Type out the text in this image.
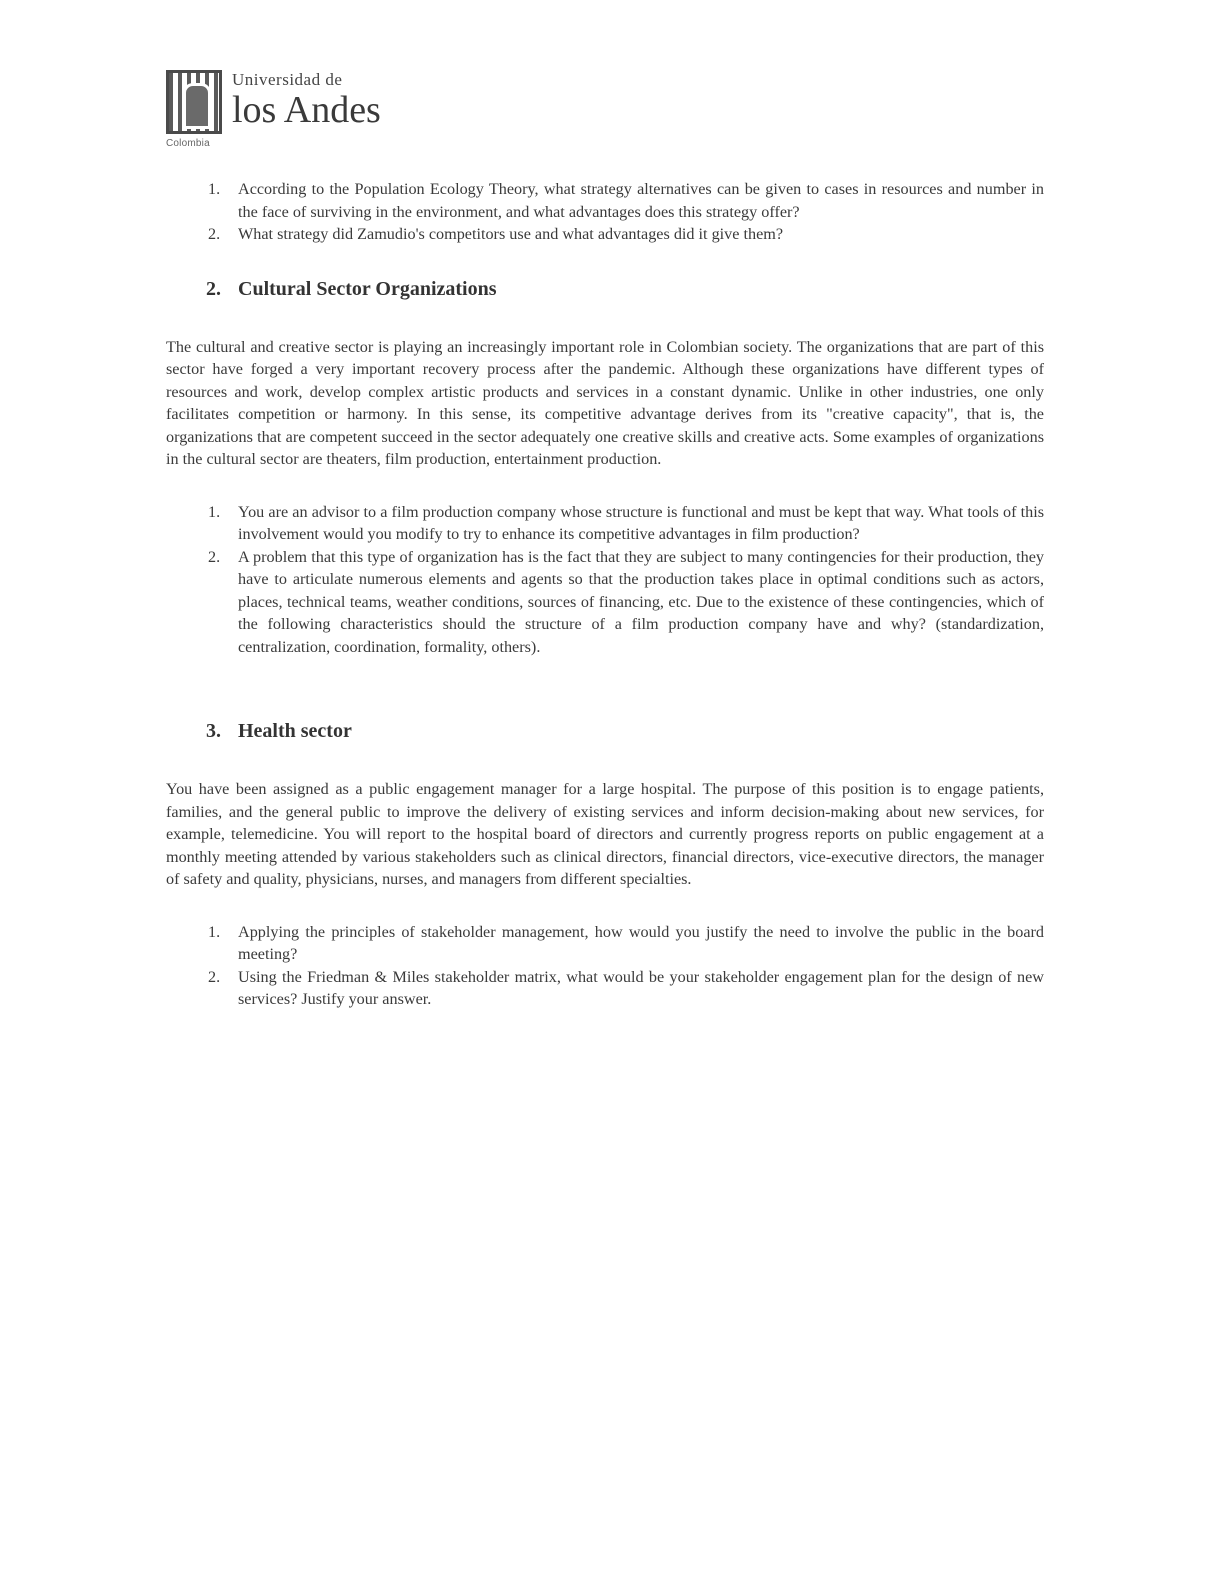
Universidad de
los Andes
Colombia
1. According to the Population Ecology Theory, what strategy alternatives can be given to cases in resources and number in the face of surviving in the environment, and what advantages does this strategy offer?
2. What strategy did Zamudio's competitors use and what advantages did it give them?
2. Cultural Sector Organizations

The cultural and creative sector is playing an increasingly important role in Colombian society. The organizations that are part of this sector have forged a very important recovery process after the pandemic. Although these organizations have different types of resources and work, develop complex artistic products and services in a constant dynamic. Unlike in other industries, one only facilitates competition or harmony. In this sense, its competitive advantage derives from its "creative capacity", that is, the organizations that are competent succeed in the sector adequately one creative skills and creative acts. Some examples of organizations in the cultural sector are theaters, film production, entertainment production.

1. You are an advisor to a film production company whose structure is functional and must be kept that way. What tools of this involvement would you modify to try to enhance its competitive advantages in film production?
2. A problem that this type of organization has is the fact that they are subject to many contingencies for their production, they have to articulate numerous elements and agents so that the production takes place in optimal conditions such as actors, places, technical teams, weather conditions, sources of financing, etc. Due to the existence of these contingencies, which of the following characteristics should the structure of a film production company have and why? (standardization, centralization, coordination, formality, others).
3. Health sector

You have been assigned as a public engagement manager for a large hospital. The purpose of this position is to engage patients, families, and the general public to improve the delivery of existing services and inform decision-making about new services, for example, telemedicine. You will report to the hospital board of directors and currently progress reports on public engagement at a monthly meeting attended by various stakeholders such as clinical directors, financial directors, vice-executive directors, the manager of safety and quality, physicians, nurses, and managers from different specialties.

1. Applying the principles of stakeholder management, how would you justify the need to involve the public in the board meeting?
2. Using the Friedman & Miles stakeholder matrix, what would be your stakeholder engagement plan for the design of new services? Justify your answer.
